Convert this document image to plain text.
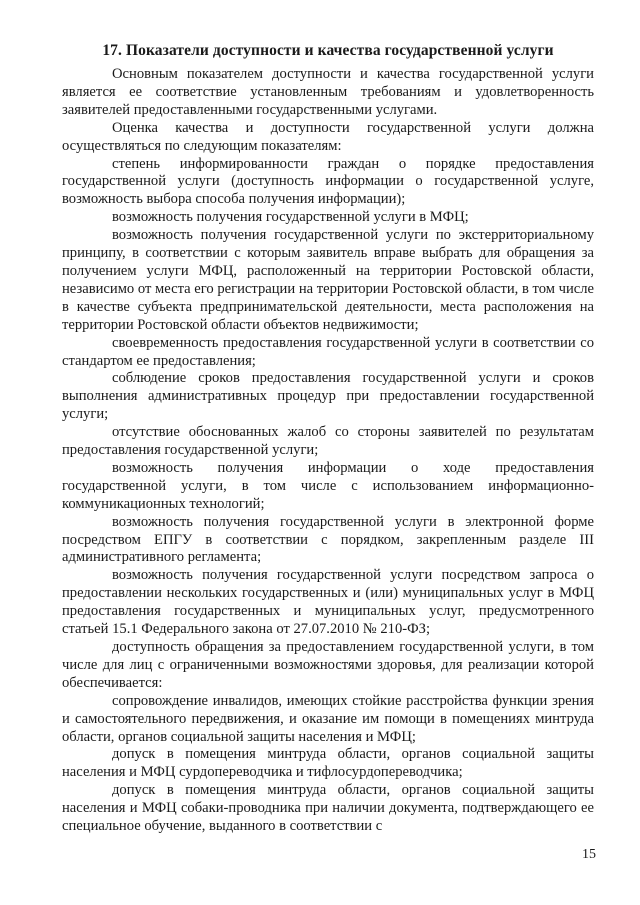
17. Показатели доступности и качества государственной услуги

Основным показателем доступности и качества государственной услуги является ее соответствие установленным требованиям и удовлетворенность заявителей предоставленными государственными услугами.

Оценка качества и доступности государственной услуги должна осуществляться по следующим показателям:

степень информированности граждан о порядке предоставления государственной услуги (доступность информации о государственной услуге, возможность выбора способа получения информации);

возможность получения государственной услуги в МФЦ;

возможность получения государственной услуги по экстерриториальному принципу, в соответствии с которым заявитель вправе выбрать для обращения за получением услуги МФЦ, расположенный на территории Ростовской области, независимо от места его регистрации на территории Ростовской области, в том числе в качестве субъекта предпринимательской деятельности, места расположения на территории Ростовской области объектов недвижимости;

своевременность предоставления государственной услуги в соответствии со стандартом ее предоставления;

соблюдение сроков предоставления государственной услуги и сроков выполнения административных процедур при предоставлении государственной услуги;

отсутствие обоснованных жалоб со стороны заявителей по результатам предоставления государственной услуги;

возможность получения информации о ходе предоставления государственной услуги, в том числе с использованием информационно-коммуникационных технологий;

возможность получения государственной услуги в электронной форме посредством ЕПГУ в соответствии с порядком, закрепленным разделе III административного регламента;

возможность получения государственной услуги посредством запроса о предоставлении нескольких государственных и (или) муниципальных услуг в МФЦ предоставления государственных и муниципальных услуг, предусмотренного статьей 15.1 Федерального закона от 27.07.2010 № 210-ФЗ;

доступность обращения за предоставлением государственной услуги, в том числе для лиц с ограниченными возможностями здоровья, для реализации которой обеспечивается:

сопровождение инвалидов, имеющих стойкие расстройства функции зрения и самостоятельного передвижения, и оказание им помощи в помещениях минтруда области, органов социальной защиты населения и МФЦ;

допуск в помещения минтруда области, органов социальной защиты населения и МФЦ сурдопереводчика и тифлосурдопереводчика;

допуск в помещения минтруда области, органов социальной защиты населения и МФЦ собаки-проводника при наличии документа, подтверждающего ее специальное обучение, выданного в соответствии с

15
